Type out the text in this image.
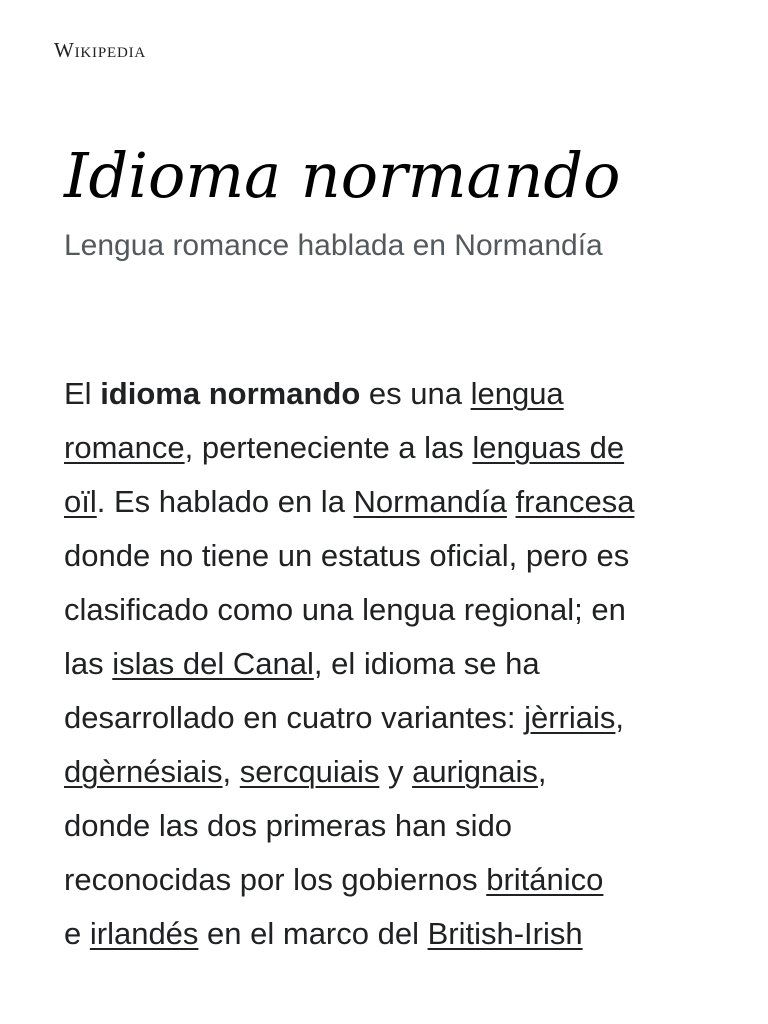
Wikipedia
Idioma normando
Lengua romance hablada en Normandía
El idioma normando es una lengua
romance, perteneciente a las lenguas de
oïl. Es hablado en la Normandía francesa
donde no tiene un estatus oficial, pero es
clasificado como una lengua regional; en
las islas del Canal, el idioma se ha
desarrollado en cuatro variantes: jèrriais,
dgèrnésiais, sercquiais y aurignais,
donde las dos primeras han sido
reconocidas por los gobiernos británico
e irlandés en el marco del British-Irish
